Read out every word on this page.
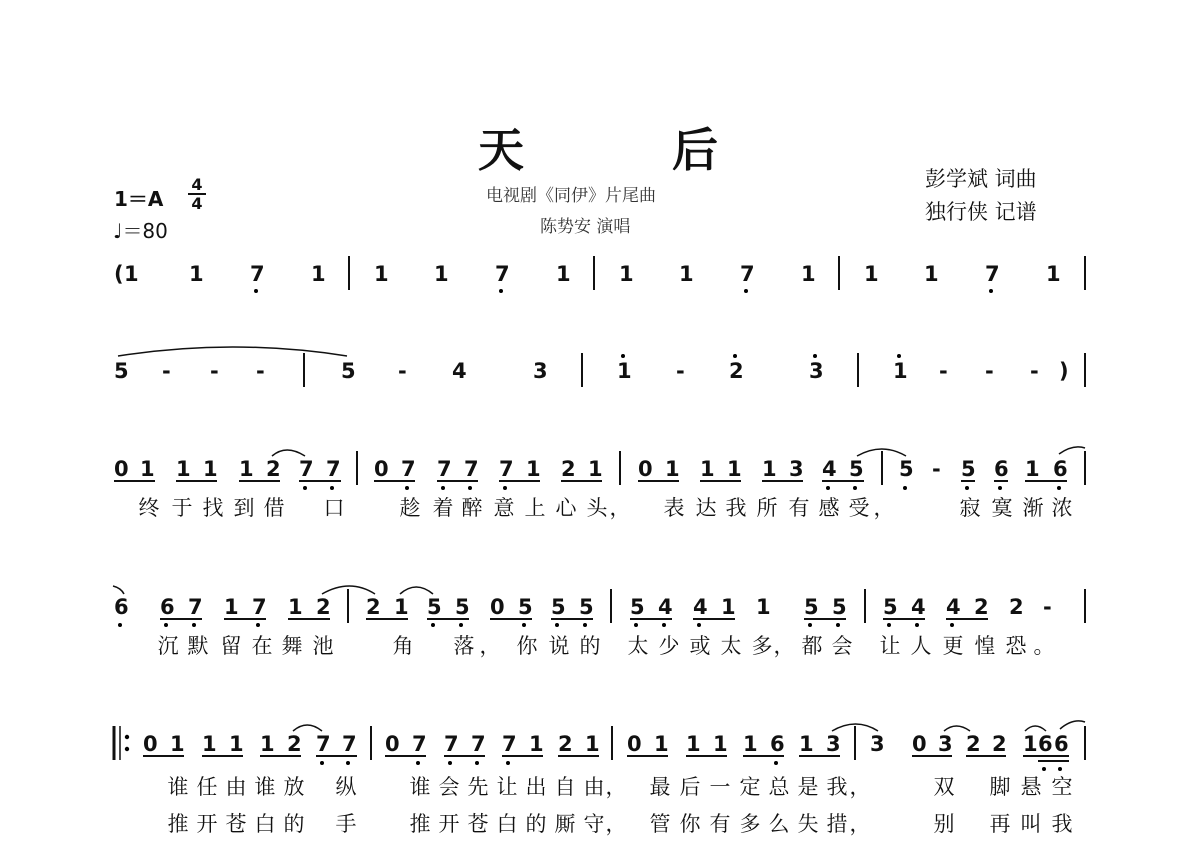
天	后
电视剧《同伊》片尾曲
陈势安 演唱
彭学斌 词曲
独行侠 记谱
1＝A
4
4
♩＝80
( 1 1 7 1 1 1 7 1 1 1 7 1 1 1 7 1
5 - - -	5 - 4	3	1 - 2	3	1 - - - )
0 1 1 1 1 2 7 7 0 7 7 7 7 1 2 1 0 1 1 1 1 3 4 5 5 - 5 6 1 6
6 6 7 1 7 1 2 2 1 5 5 0 5 5 5 5 4 4 1 1 5 5 5 4 4 2 2 -
0 1 1 1 1 2 7 7 0 7 7 7 7 1 2 1 0 1 1 1 1 6 1 3 3 0 3 2 2 1 6 6
终 于 找 到 借 口	趁 着 醉 意 上 心 头 ， 表 达 我 所 有 感 受 ，	寂 寞 渐 浓
沉 默 留 在 舞 池	角 落 ， 你 说 的 太 少 或 太 多 ， 都 会 让 人 更 惶 恐 。
谁 任 由 谁 放 纵	谁 会 先 让 出 自 由 ， 最 后 一 定 总 是 我 ，	双 脚 悬 空
推 开 苍 白 的 手	推 开 苍 白 的 厮 守 ， 管 你 有 多 么 失 措 ，	别 再 叫 我
